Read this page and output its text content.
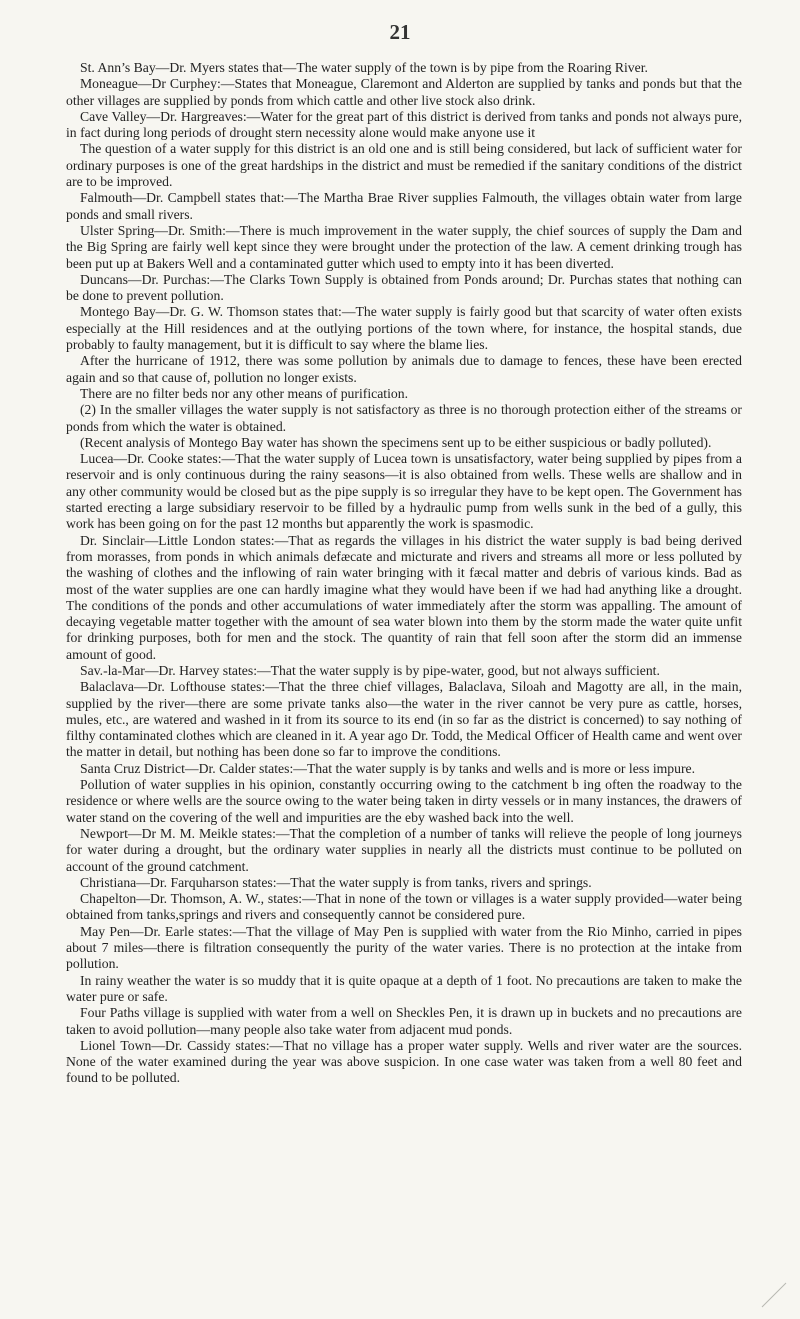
21

St. Ann’s Bay—Dr. Myers states that—The water supply of the town is by pipe from the Roaring River.

Moneague—Dr Curphey:—States that Moneague, Claremont and Alderton are supplied by tanks and ponds but that the other villages are supplied by ponds from which cattle and other live stock also drink.

Cave Valley—Dr. Hargreaves:—Water for the great part of this district is derived from tanks and ponds not always pure, in fact during long periods of drought stern necessity alone would make anyone use it

The question of a water supply for this district is an old one and is still being considered, but lack of sufficient water for ordinary purposes is one of the great hardships in the district and must be remedied if the sanitary conditions of the district are to be improved.

Falmouth—Dr. Campbell states that:—The Martha Brae River supplies Falmouth, the villages obtain water from large ponds and small rivers.

Ulster Spring—Dr. Smith:—There is much improvement in the water supply, the chief sources of supply the Dam and the Big Spring are fairly well kept since they were brought under the protection of the law. A cement drinking trough has been put up at Bakers Well and a contaminated gutter which used to empty into it has been diverted.

Duncans—Dr. Purchas:—The Clarks Town Supply is obtained from Ponds around; Dr. Purchas states that nothing can be done to prevent pollution.

Montego Bay—Dr. G. W. Thomson states that:—The water supply is fairly good but that scarcity of water often exists especially at the Hill residences and at the outlying portions of the town where, for instance, the hospital stands, due probably to faulty management, but it is difficult to say where the blame lies.

After the hurricane of 1912, there was some pollution by animals due to damage to fences, these have been erected again and so that cause of, pollution no longer exists.

There are no filter beds nor any other means of purification.

(2) In the smaller villages the water supply is not satisfactory as three is no thorough protection either of the streams or ponds from which the water is obtained.

(Recent analysis of Montego Bay water has shown the specimens sent up to be either suspicious or badly polluted).

Lucea—Dr. Cooke states:—That the water supply of Lucea town is unsatisfactory, water being supplied by pipes from a reservoir and is only continuous during the rainy seasons—it is also obtained from wells. These wells are shallow and in any other community would be closed but as the pipe supply is so irregular they have to be kept open. The Government has started erecting a large subsidiary reservoir to be filled by a hydraulic pump from wells sunk in the bed of a gully, this work has been going on for the past 12 months but apparently the work is spasmodic.

Dr. Sinclair—Little London states:—That as regards the villages in his district the water supply is bad being derived from morasses, from ponds in which animals defæcate and micturate and rivers and streams all more or less polluted by the washing of clothes and the inflowing of rain water bringing with it fæcal matter and debris of various kinds. Bad as most of the water supplies are one can hardly imagine what they would have been if we had had anything like a drought. The conditions of the ponds and other accumulations of water immediately after the storm was appalling. The amount of decaying vegetable matter together with the amount of sea water blown into them by the storm made the water quite unfit for drinking purposes, both for men and the stock. The quantity of rain that fell soon after the storm did an immense amount of good.

Sav.-la-Mar—Dr. Harvey states:—That the water supply is by pipe-water, good, but not always sufficient.

Balaclava—Dr. Lofthouse states:—That the three chief villages, Balaclava, Siloah and Magotty are all, in the main, supplied by the river—there are some private tanks also—the water in the river cannot be very pure as cattle, horses, mules, etc., are watered and washed in it from its source to its end (in so far as the district is concerned) to say nothing of filthy contaminated clothes which are cleaned in it. A year ago Dr. Todd, the Medical Officer of Health came and went over the matter in detail, but nothing has been done so far to improve the conditions.

Santa Cruz District—Dr. Calder states:—That the water supply is by tanks and wells and is more or less impure.

Pollution of water supplies in his opinion, constantly occurring owing to the catchment b ing often the roadway to the residence or where wells are the source owing to the water being taken in dirty vessels or in many instances, the drawers of water stand on the covering of the well and impurities are the eby washed back into the well.

Newport—Dr M. M. Meikle states:—That the completion of a number of tanks will relieve the people of long journeys for water during a drought, but the ordinary water supplies in nearly all the districts must continue to be polluted on account of the ground catchment.

Christiana—Dr. Farquharson states:—That the water supply is from tanks, rivers and springs.

Chapelton—Dr. Thomson, A. W., states:—That in none of the town or villages is a water supply provided—water being obtained from tanks,springs and rivers and consequently cannot be considered pure.

May Pen—Dr. Earle states:—That the village of May Pen is supplied with water from the Rio Minho, carried in pipes about 7 miles—there is filtration consequently the purity of the water varies. There is no protection at the intake from pollution.

In rainy weather the water is so muddy that it is quite opaque at a depth of 1 foot. No precautions are taken to make the water pure or safe.

Four Paths village is supplied with water from a well on Sheckles Pen, it is drawn up in buckets and no precautions are taken to avoid pollution—many people also take water from adjacent mud ponds.

Lionel Town—Dr. Cassidy states:—That no village has a proper water supply. Wells and river water are the sources. None of the water examined during the year was above suspicion. In one case water was taken from a well 80 feet and found to be polluted.
